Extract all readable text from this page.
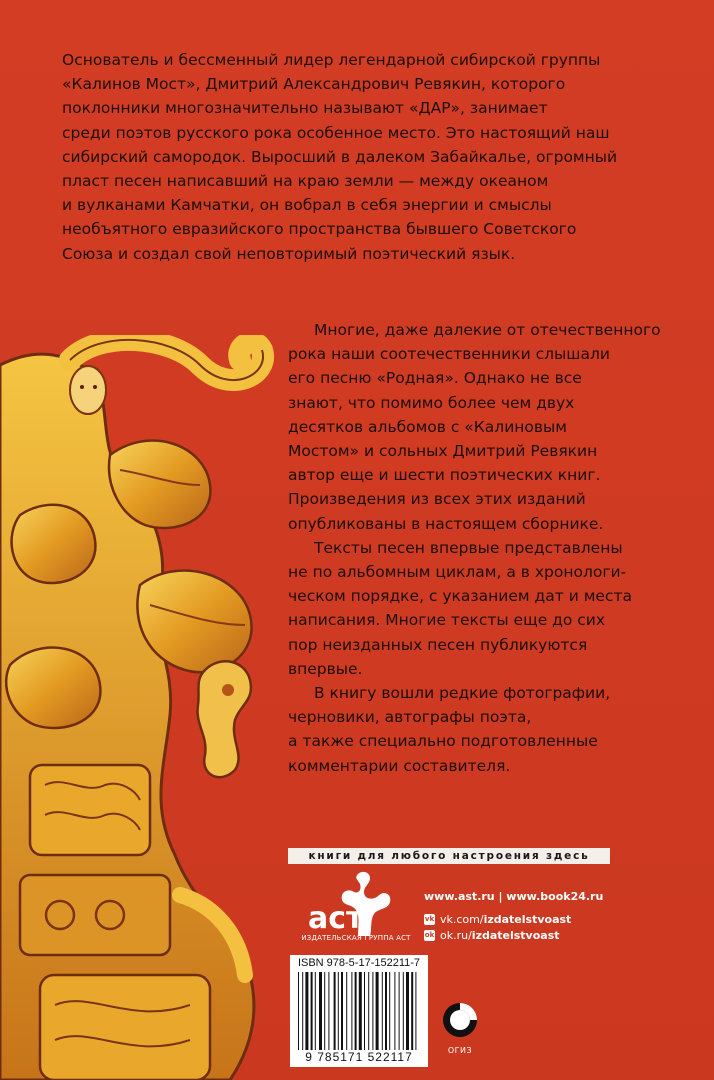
Основатель и бессменный лидер легендарной сибирской группы

«Калинов Мост», Дмитрий Александрович Ревякин, которого

поклонники многозначительно называют «ДАР», занимает

среди поэтов русского рока особенное место. Это настоящий наш

сибирский самородок. Выросший в далеком Забайкалье, огромный

пласт песен написавший на краю земли — между океаном

и вулканами Камчатки, он вобрал в себя энергии и смыслы

необъятного евразийского пространства бывшего Советского

Союза и создал свой неповторимый поэтический язык.

Многие, даже далекие от отечественного

рока наши соотечественники слышали

его песню «Родная». Однако не все

знают, что помимо более чем двух

десятков альбомов с «Калиновым

Мостом» и сольных Дмитрий Ревякин

автор еще и шести поэтических книг.

Произведения из всех этих изданий

опубликованы в настоящем сборнике.

Тексты песен впервые представлены

не по альбомным циклам, а в хронологи-

ческом порядке, с указанием дат и места

написания. Многие тексты еще до сих

пор неизданных песен публикуются

впервые.

В книгу вошли редкие фотографии,

черновики, автографы поэта,

а также специально подготовленные

комментарии составителя.

книги для любого настроения здесь
аст
ИЗДАТЕЛЬСКАЯ ГРУППА АСТ
www.ast.ru | www.book24.ru
vk vk.com/ izdatelstvoast
ok ok.ru/ izdatelstvoast
ISBN 978-5-17-152211-7
9 785171 522117	ОГИЗ
